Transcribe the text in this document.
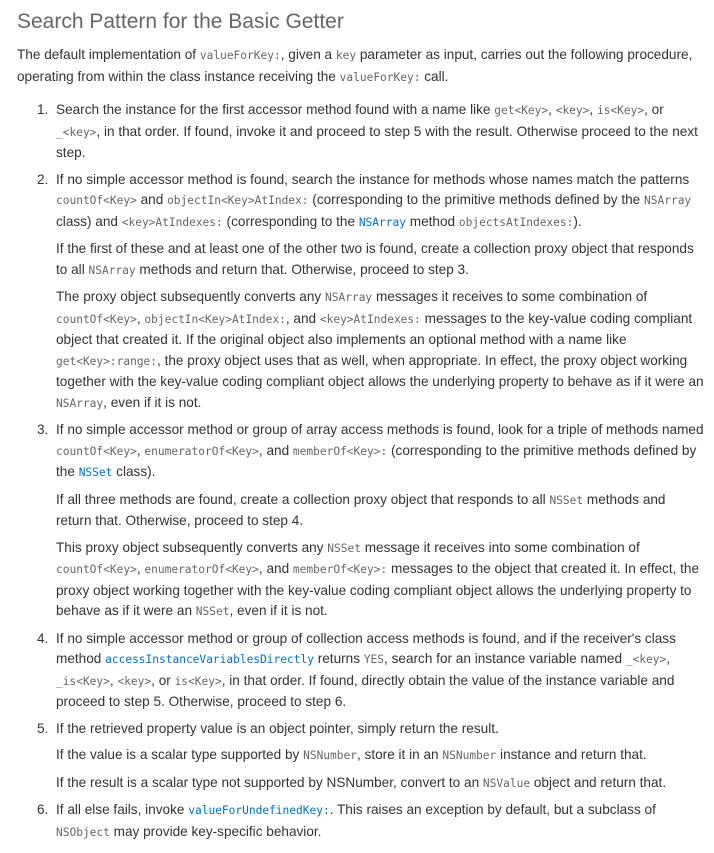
Search Pattern for the Basic Getter

The default implementation of valueForKey:, given a key parameter as input, carries out the following procedure, operating from within the class instance receiving the valueForKey: call.

1. Search the instance for the first accessor method found with a name like get<Key>, <key>, is<Key>, or _<key>, in that order. If found, invoke it and proceed to step 5 with the result. Otherwise proceed to the next step.

2. If no simple accessor method is found, search the instance for methods whose names match the patterns countOf<Key> and objectIn<Key>AtIndex: (corresponding to the primitive methods defined by the NSArray class) and <key>AtIndexes: (corresponding to the NSArray method objectsAtIndexes:).

If the first of these and at least one of the other two is found, create a collection proxy object that responds to all NSArray methods and return that. Otherwise, proceed to step 3.

The proxy object subsequently converts any NSArray messages it receives to some combination of countOf<Key>, objectIn<Key>AtIndex:, and <key>AtIndexes: messages to the key-value coding compliant object that created it. If the original object also implements an optional method with a name like get<Key>:range:, the proxy object uses that as well, when appropriate. In effect, the proxy object working together with the key-value coding compliant object allows the underlying property to behave as if it were an NSArray, even if it is not.

3. If no simple accessor method or group of array access methods is found, look for a triple of methods named countOf<Key>, enumeratorOf<Key>, and memberOf<Key>: (corresponding to the primitive methods defined by the NSSet class).

If all three methods are found, create a collection proxy object that responds to all NSSet methods and return that. Otherwise, proceed to step 4.

This proxy object subsequently converts any NSSet message it receives into some combination of countOf<Key>, enumeratorOf<Key>, and memberOf<Key>: messages to the object that created it. In effect, the proxy object working together with the key-value coding compliant object allows the underlying property to behave as if it were an NSSet, even if it is not.

4. If no simple accessor method or group of collection access methods is found, and if the receiver's class method accessInstanceVariablesDirectly returns YES, search for an instance variable named _<key>, _is<Key>, <key>, or is<Key>, in that order. If found, directly obtain the value of the instance variable and proceed to step 5. Otherwise, proceed to step 6.

5. If the retrieved property value is an object pointer, simply return the result.

If the value is a scalar type supported by NSNumber, store it in an NSNumber instance and return that.

If the result is a scalar type not supported by NSNumber, convert to an NSValue object and return that.

6. If all else fails, invoke valueForUndefinedKey:. This raises an exception by default, but a subclass of NSObject may provide key-specific behavior.
